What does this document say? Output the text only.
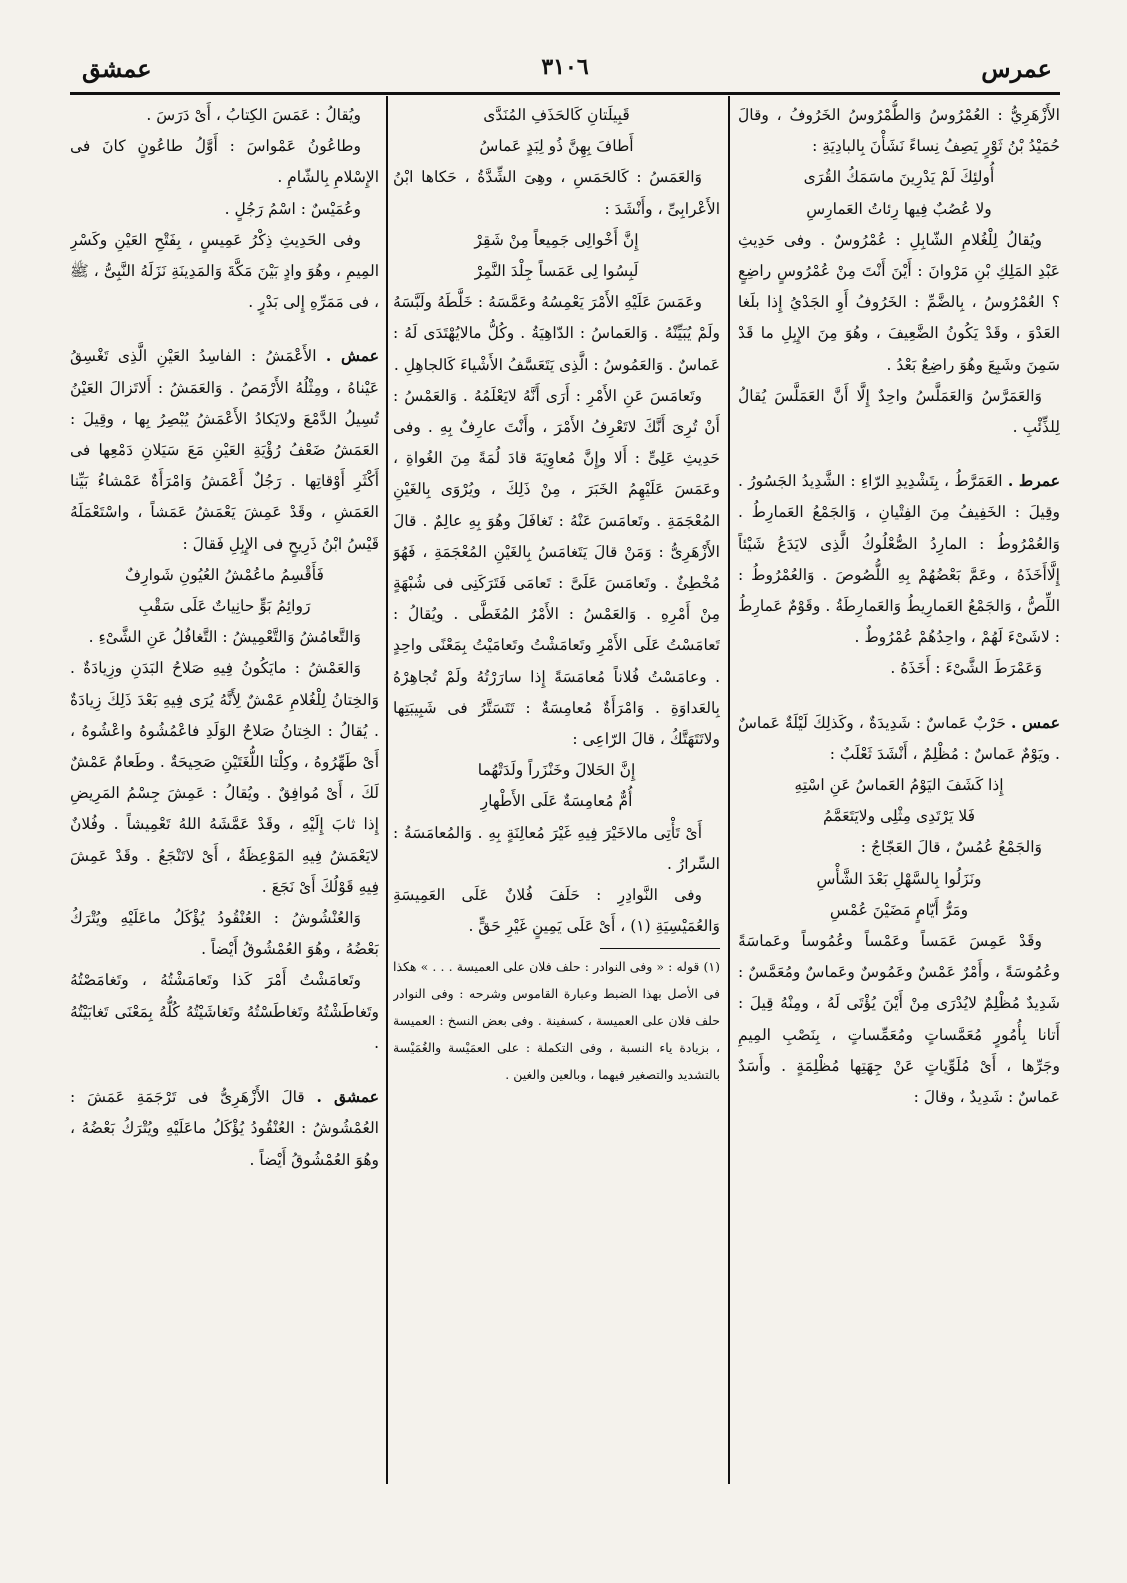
عمرس
٣١٠٦
عمشق

الأَزْهَرِيُّ : العُمْرُوسُ وَالطُّمْرُوسُ الخَرُوفُ ، وقالَ حُمَيْدُ بْنُ ثَوْرٍ يَصِفُ نِساءً نَشَأْنَ بِالبادِيَةِ :

أُولئِكَ لَمْ يَدْرِينَ ماسَمَكُ القُرَى

ولا عُصُبٌ فِيها رِئاتُ العَمارِسِ

ويُقالُ لِلْغُلامِ الشّابِلِ : عُمْرُوسٌ . وفى حَدِيثِ عَبْدِ المَلِكِ بْنِ مَرْوانَ : أَيْنَ أَنْتَ مِنْ عُمْرُوسٍ راضِعٍ ؟ العُمْرُوسُ ، بِالضَّمِّ : الخَرُوفُ أَوِ الجَدْيُ إِذا بلَغا العَدْوَ ، وقَدْ يَكُونُ الضَّعِيفَ ، وهُوَ مِنَ الإِبِلِ ما قَدْ سَمِنَ وشَبِعَ وهُوَ راضِعٌ بَعْدُ .

وَالعَمَرَّسُ وَالعَمَلَّسُ واحِدٌ إِلَّا أَنَّ العَمَلَّسَ يُقالُ لِلذِّئْبِ .

عمرط . العَمَرَّطُ ، بِتَشْدِيدِ الرّاءِ : الشَّدِيدُ الجَسُورُ . وقِيلَ : الخَفِيفُ مِنَ الفِتْيانِ ، وَالجَمْعُ العَمارِطُ . وَالعُمْرُوطُ : المارِدُ الصُّعْلُوكُ الَّذِى لايَدَعُ شَيْئاً إِلَّاأَخَذَهُ ، وعَمَّ بَعْضُهُمْ بِهِ اللُّصُوصَ . وَالعُمْرُوطُ : اللِّصُّ ، وَالجَمْعُ العَمارِيطُ وَالعَمارِطَةُ . وقَوْمٌ عَمارِطُ : لاشَىْءَ لَهُمْ ، واحِدُهُمْ عُمْرُوطٌ .

وَعَمْرَطَ الشَّىْءَ : أَخَذَهُ .

عمس . حَرْبٌ عَماسٌ : شَدِيدَةٌ ، وكَذلِكَ لَيْلَةٌ عَماسٌ . ويَوْمٌ عَماسٌ : مُظْلِمٌ ، أَنْشَدَ ثَعْلَبٌ :

إِذا كَشَفَ اليَوْمُ العَماسُ عَنِ اسْتِهِ

فَلا يَرْتَدِى مِثْلِى ولايَتَعَمَّمُ

وَالجَمْعُ عُمُسٌ ، قالَ العَجّاجُ :

ونَزَلُوا بِالسَّهْلِ بَعْدَ الشَّأْسِ

ومَرُّ أَيّامٍ مَضَيْنَ عُمْسِ

وقَدْ عَمِسَ عَمَساً وعَمْساً وعُمُوساً وعَماسَةً وعُمُوسَةً ، وأَمْرٌ عَمْسٌ وعَمُوسٌ وعَماسٌ ومُعَمَّسٌ : شَدِيدٌ مُظْلِمٌ لايُدْرَى مِنْ أَيْنَ يُؤْتَى لَهُ ، ومِنْهُ قِيلَ : أَتانا بِأُمُورٍ مُعَمَّساتٍ ومُعَمِّساتٍ ، بِنَصْبِ المِيمِ وجَرِّها ، أَىْ مُلَوِّياتٍ عَنْ جِهَتِها مُظْلِمَةٍ . وأَسَدٌ عَماسٌ : شَدِيدٌ ، وقالَ :

قَبِيلَتانِ كَالحَذَفِ المُنَدَّى

أَطافَ بِهِنَّ ذُو لِبَدٍ عَماسُ

وَالعَمَسُ : كَالحَمَسِ ، وهِىَ الشِّدَّةُ ، حَكاها ابْنُ الأَعْرابِىِّ ، وأَنْشَدَ :

إِنَّ أَخْوالِى جَمِيعاً مِنْ شَقِرْ

لَبِسُوا لِى عَمَساً جِلْدَ النَّمِرْ

وعَمَسَ عَلَيْهِ الأَمْرَ يَعْمِسُهُ وعَمَّسَهُ : خَلَّطَهُ ولَبَّسَهُ ولَمْ يُبَيِّنْهُ . وَالعَماسُ : الدّاهِيَةُ . وكُلُّ مالايُهْتَدَى لَهُ : عَماسٌ . وَالعَمُوسُ : الَّذِى يَتَعَسَّفُ الأَشْياءَ كَالجاهِلِ .

وتَعامَسَ عَنِ الأَمْرِ : أَرَى أَنَّهُ لايَعْلَمُهُ . وَالعَمْسُ : أَنْ تُرِىَ أَنَّكَ لاتَعْرِفُ الأَمْرَ ، وأَنْتَ عارِفٌ بِهِ . وفى حَدِيثِ عَلِىٍّ : أَلا وإِنَّ مُعاوِيَةَ قادَ لُمَةً مِنَ الغُواةِ ، وعَمَسَ عَلَيْهِمُ الخَبَرَ ، مِنْ ذَلِكَ ، ويُرْوَى بِالغَيْنِ المُعْجَمَةِ . وتَعامَسَ عَنْهُ : تَغافَلَ وهُوَ بِهِ عالِمٌ . قالَ الأَزْهَرِىُّ : وَمَنْ قالَ يَتَغامَسُ بِالغَيْنِ المُعْجَمَةِ ، فَهُوَ مُخْطِئٌ . وتَعامَسَ عَلَىَّ : تَعامَى فَتَرَكَنِى فى شُبْهَةٍ مِنْ أَمْرِهِ . وَالعَمْسُ : الأَمْرُ المُغَطَّى . ويُقالُ : تَعامَسْتُ عَلَى الأَمْرِ وتَعامَشْتُ وتَعامَيْتُ بِمَعْنًى واحِدٍ . وعامَسْتُ فُلاناً مُعامَسَةً إِذا سارَرْتُهُ ولَمْ تُجاهِرْهُ بِالعَداوَةِ . وَامْرَأَةٌ مُعامِسَةٌ : تَتَسَتَّرُ فى شَبِيبَتِها ولاتَتَهَتَّكُ ، قالَ الرّاعِى :

إِنَّ الحَلالَ وخَنْزَراً ولَدَتْهُما

أُمٌّ مُعامِسَةٌ عَلَى الأَطْهارِ

أَىْ تَأْتِى مالاخَيْرَ فِيهِ غَيْرَ مُعالِنَةٍ بِهِ . وَالمُعامَسَةُ : السِّرارُ .

وفى النَّوادِرِ : حَلَفَ فُلانٌ عَلَى العَمِيسَةِ وَالعُمَيْسِيَةِ (١) ، أَىْ عَلَى يَمِينٍ غَيْرِ حَقٍّ .

(١) قوله : « وفى النوادر : حلف فلان على العميسة . . . » هكذا فى الأصل بهذا الضبط وعبارة القاموس وشرحه : وفى النوادر حلف فلان على العميسة ، كسفينة . وفى بعض النسخ : العميسة ، بزيادة ياء النسبة ، وفى التكملة : على العمَيْسة والغُمَيْسة بالتشديد والتصغير فيهما ، وبالعين والغين .

ويُقالُ : عَمَسَ الكِتابُ ، أَىْ دَرَسَ .

وطاعُونُ عَمْواسَ : أَوَّلُ طاعُونٍ كانَ فى الإِسْلامِ بِالشّامِ .

وعُمَيْسٌ : اسْمُ رَجُلٍ .

وفى الحَدِيثِ ذِكْرُ عَمِيسٍ ، بِفَتْحِ العَيْنِ وكَسْرِ المِيمِ ، وهُوَ وادٍ بَيْنَ مَكَّةَ وَالمَدِينَةِ نَزَلَهُ النَّبِىُّ ، ﷺ ، فى مَمَرِّهِ إِلى بَدْرٍ .

عمش . الأَعْمَشُ : الفاسِدُ العَيْنِ الَّذِى تَغْسِقُ عَيْناهُ ، ومِثْلُهُ الأَرْمَصُ . وَالعَمَشُ : أَلاتَزالَ العَيْنُ تُسِيلُ الدَّمْعَ ولايَكادُ الأَعْمَشُ يُبْصِرُ بِها ، وقِيلَ : العَمَشُ ضَعْفُ رُؤْيَةِ العَيْنِ مَعَ سَيَلانِ دَمْعِها فى أَكْثَرِ أَوْقاتِها . رَجُلٌ أَعْمَشُ وَامْرَأَةٌ عَمْشاءُ بَيِّنا العَمَشِ ، وقَدْ عَمِشَ يَعْمَشُ عَمَشاً ، واسْتَعْمَلَهُ قَيْسُ ابْنُ ذَرِيحٍ فى الإِبِلِ فَقالَ :

فَأَقْسِمُ ماعُمْشُ العُيُونِ شَوارِفٌ

رَوائِمُ بَوٍّ حانِياتٌ عَلَى سَقْبِ

وَالتَّعامُشُ وَالتَّعْمِيشُ : التَّغافُلُ عَنِ الشَّىْءِ .

وَالعَمْشُ : مايَكُونُ فِيهِ صَلاحُ البَدَنِ وزِيادَةٌ . وَالخِتانُ لِلْغُلامِ عَمْشٌ لِأَنَّهُ يُرَى فِيهِ بَعْدَ ذَلِكَ زِيادَةٌ . يُقالُ : الخِتانُ صَلاحٌ الوَلَدِ فاعْمُشُوهُ واعْشُوهُ ، أَىْ طَهِّرُوهُ ، وكِلْتا اللُّغَتَيْنِ صَحِيحَةٌ . وطَعامٌ عَمْشٌ لَكَ ، أَىْ مُوافِقٌ . ويُقالُ : عَمِشَ جِسْمُ المَرِيضِ إِذا ثابَ إِلَيْهِ ، وقَدْ عَمَّشَهُ اللهُ تَعْمِيشاً . وفُلانٌ لايَعْمَشُ فِيهِ المَوْعِظَةُ ، أَىْ لاتَنْجَعُ . وقَدْ عَمِشَ فِيهِ قَوْلُكَ أَىْ نَجَعَ .

وَالعُنْشُوشُ : العُنْقُودُ يُؤْكَلُ ماعَلَيْهِ ويُتْرَكُ بَعْضُهُ ، وهُوَ العُمْشُوقُ أَيْضاً .

وتَعامَشْتُ أَمْرَ كَذا وتَعامَشْتُهُ ، وتَغامَصْتُهُ وتَغاطَشْتُهُ وتَغاطَسْتُهُ وتَغاشَيْتُهُ كُلُّهُ بِمَعْنَى تَغابَيْتُهُ .

عمشق . قالَ الأَزْهَرِىُّ فى تَرْجَمَةِ عَمَشَ : العُمْشُوشُ : العُنْقُودُ يُؤْكَلُ ماعَلَيْهِ ويُتْرَكُ بَعْضُهُ ، وهُوَ العُمْشُوقُ أَيْضاً .
